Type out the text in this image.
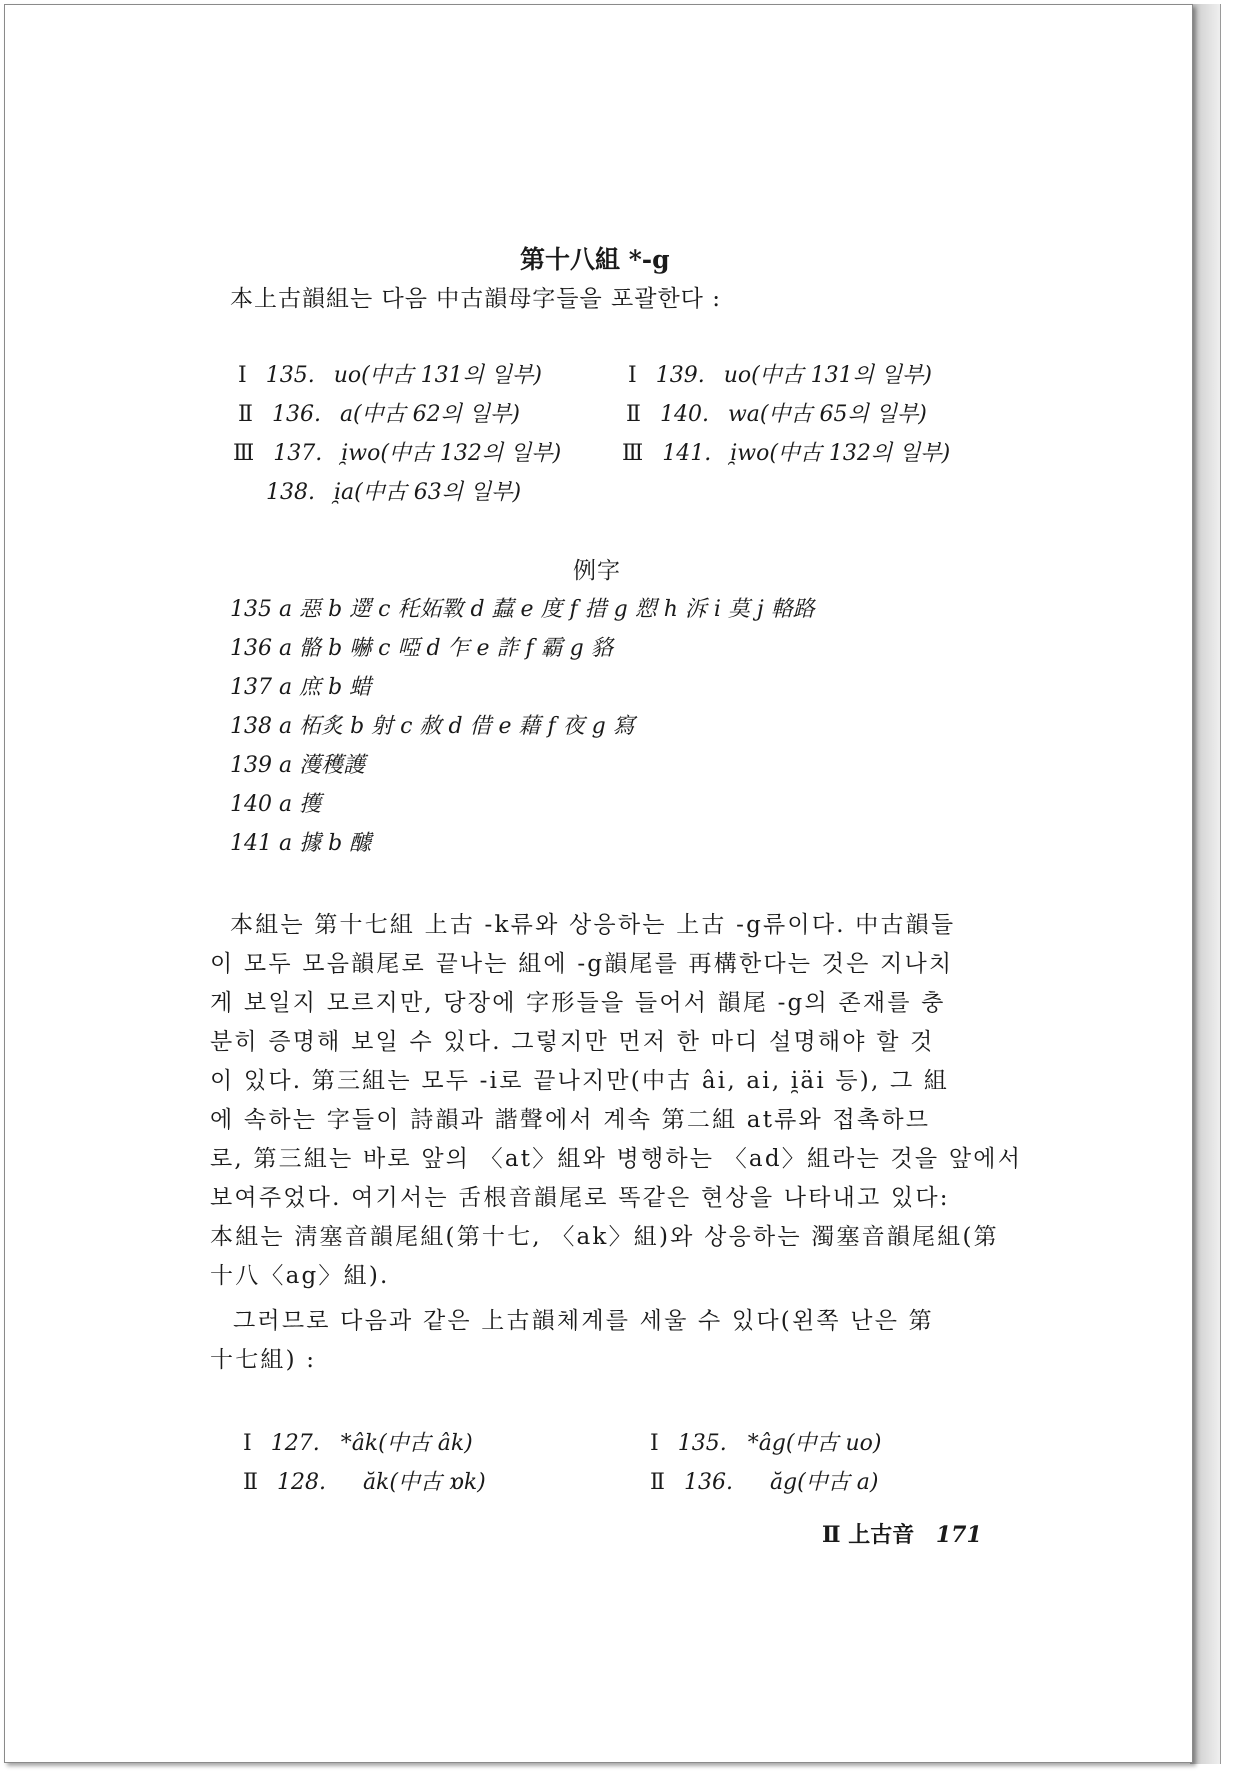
第十八組 *-g
本上古韻組는 다음 中古韻母字들을 포괄한다 :
Ⅰ 135. uo(中古 131의 일부)
Ⅱ 136. a(中古 62의 일부)
Ⅲ 137. i̯wo(中古 132의 일부)
138. i̯a(中古 63의 일부)
Ⅰ 139. uo(中古 131의 일부)
Ⅱ 140. wa(中古 65의 일부)
Ⅲ 141. i̯wo(中古 132의 일부)
例字
135 a 惡 b 遻 c 秅妬斁 d 蠚 e 度 f 措 g 愬 h 泝 i 莫 j 輅路
136 a 骼 b 嚇 c 啞 d 乍 e 詐 f 霸 g 貉
137 a 庶 b 蜡
138 a 柘炙 b 射 c 赦 d 借 e 藉 f 夜 g 寫
139 a 濩穫護
140 a 擭
141 a 據 b 醵
本組는 第十七組 上古 -k류와 상응하는 上古 -g류이다. 中古韻들
이 모두 모음韻尾로 끝나는 組에 -g韻尾를 再構한다는 것은 지나치
게 보일지 모르지만, 당장에 字形들을 들어서 韻尾 -g의 존재를 충
분히 증명해 보일 수 있다. 그렇지만 먼저 한 마디 설명해야 할 것
이 있다. 第三組는 모두 -i로 끝나지만(中古 âi, ai, i̯äi 등), 그 組
에 속하는 字들이 詩韻과 諧聲에서 계속 第二組 at류와 접촉하므
로, 第三組는 바로 앞의 〈at〉組와 병행하는 〈ad〉組라는 것을 앞에서
보여주었다. 여기서는 舌根音韻尾로 똑같은 현상을 나타내고 있다:
本組는 淸塞音韻尾組(第十七, 〈ak〉組)와 상응하는 濁塞音韻尾組(第
十八〈ag〉組).
그러므로 다음과 같은 上古韻체계를 세울 수 있다(왼쪽 난은 第
十七組) :
Ⅰ 127. *âk(中古 âk)
Ⅱ 128. ăk(中古 ɒk)
Ⅰ 135. *âg(中古 uo)
Ⅱ 136. ăg(中古 a)
Ⅱ 上古音 171
